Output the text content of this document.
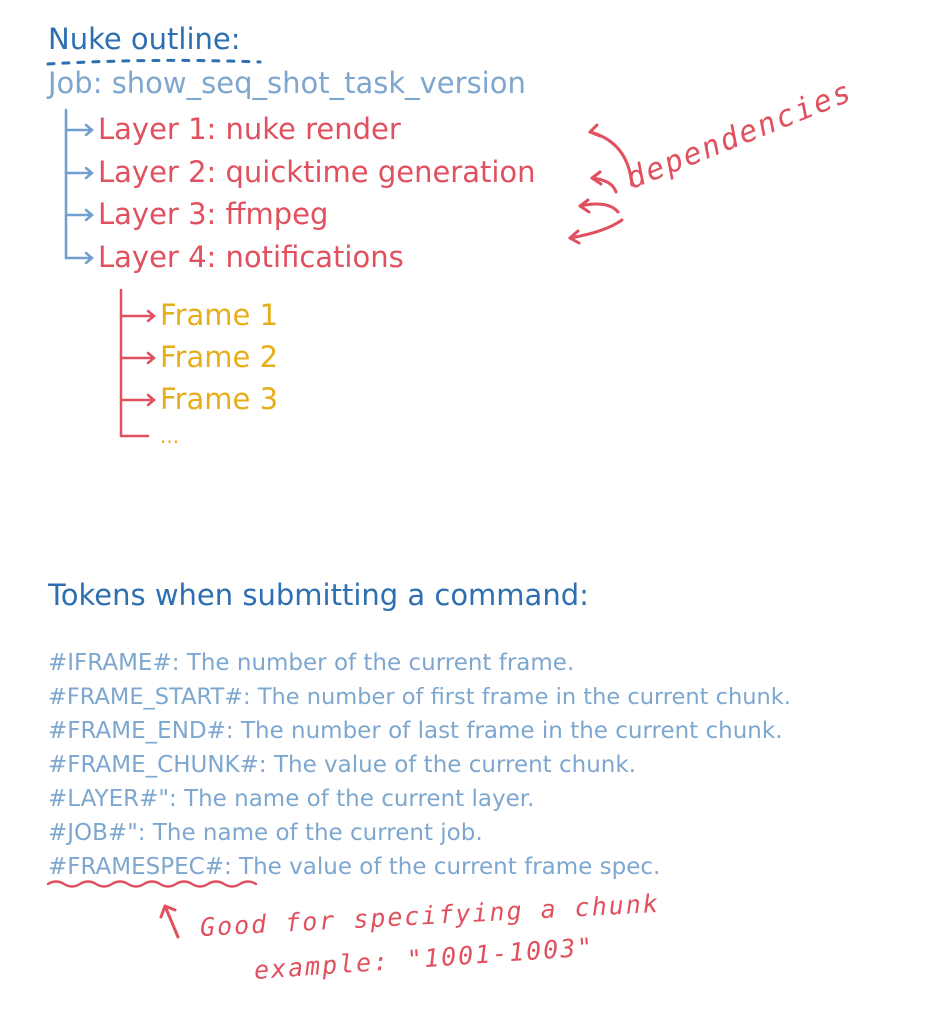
Nuke outline:
Job: show_seq_shot_task_version
Layer 1: nuke render
Layer 2: quicktime generation
Layer 3: ffmpeg
Layer 4: notifications
Frame 1
Frame 2
Frame 3
...
dependencies
Tokens when submitting a command:
#IFRAME#: The number of the current frame.
#FRAME_START#: The number of first frame in the current chunk.
#FRAME_END#: The number of last frame in the current chunk.
#FRAME_CHUNK#: The value of the current chunk.
#LAYER#": The name of the current layer.
#JOB#": The name of the current job.
#FRAMESPEC#: The value of the current frame spec.
Good for specifying a chunk
example: "1001-1003"
